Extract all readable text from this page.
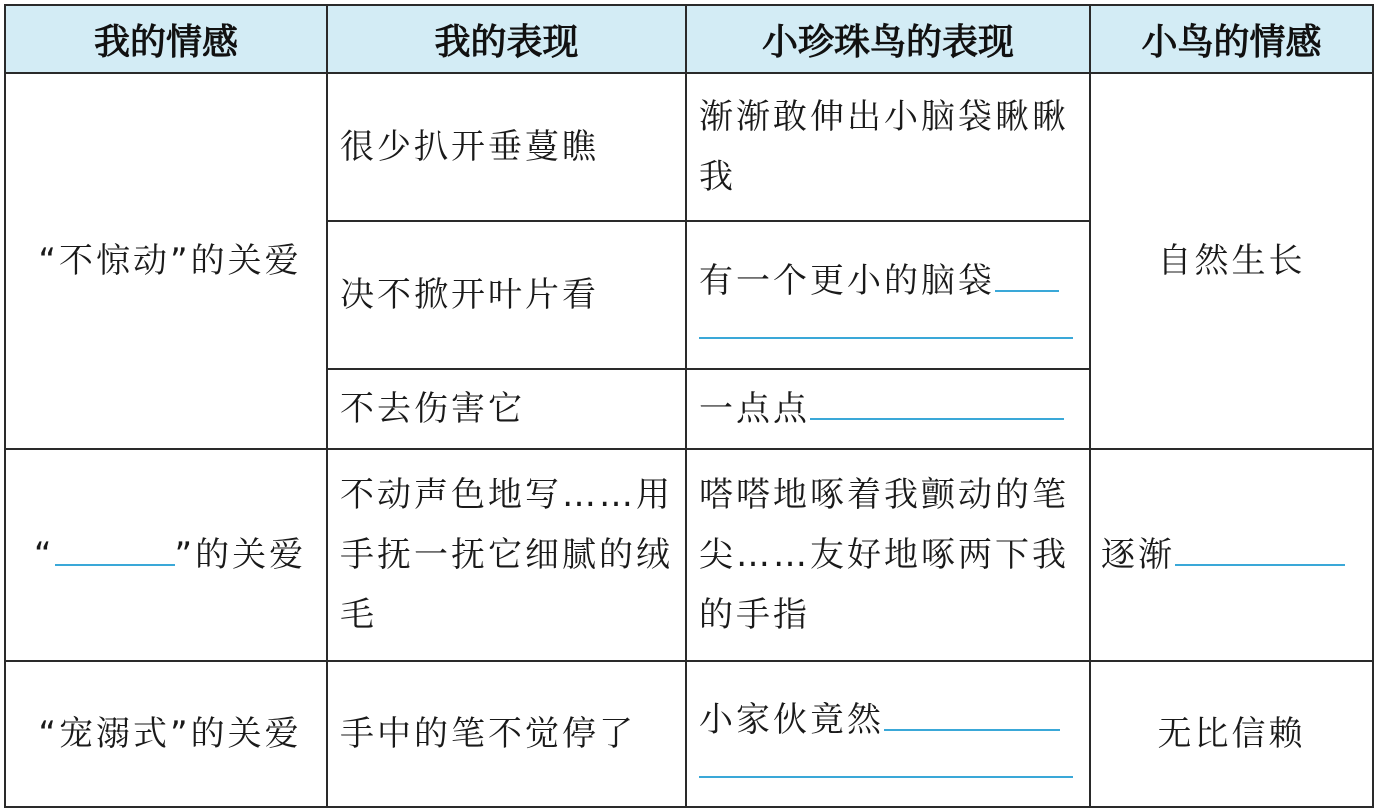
我的情感	我的表现	小珍珠鸟的表现	小鸟的情感
“不惊动”的关爱	很少扒开垂蔓瞧	渐渐敢伸出小脑袋瞅瞅我	自然生长
	决不掀开叶片看	有一个更小的脑袋	

	不去伤害它	一点点	
“ ”的关爱	不动声色地写……用手抚一抚它细腻的绒毛	嗒嗒地啄着我颤动的笔尖……友好地啄两下我的手指	逐渐
“宠溺式”的关爱	手中的笔不觉停了	小家伙竟然	无比信赖
